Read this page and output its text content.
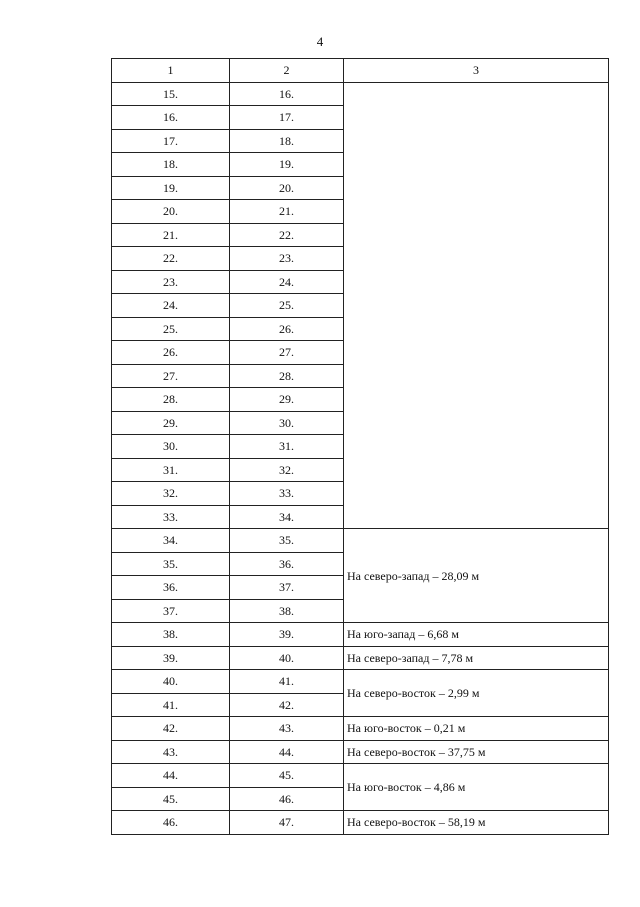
4
1	2	3
15.	16.	
16.	17.	
17.	18.	
18.	19.	
19.	20.	
20.	21.	
21.	22.	
22.	23.	
23.	24.	
24.	25.	
25.	26.	
26.	27.	
27.	28.	
28.	29.	
29.	30.	
30.	31.	
31.	32.	
32.	33.	
33.	34.	
34.	35.	На северо-запад – 28,09 м
35.	36.	
36.	37.	
37.	38.	
38.	39.	На юго-запад – 6,68 м
39.	40.	На северо-запад – 7,78 м
40.	41.	На северо-восток – 2,99 м
41.	42.	
42.	43.	На юго-восток – 0,21 м
43.	44.	На северо-восток – 37,75 м
44.	45.	На юго-восток – 4,86 м
45.	46.	
46.	47.	На северо-восток – 58,19 м
